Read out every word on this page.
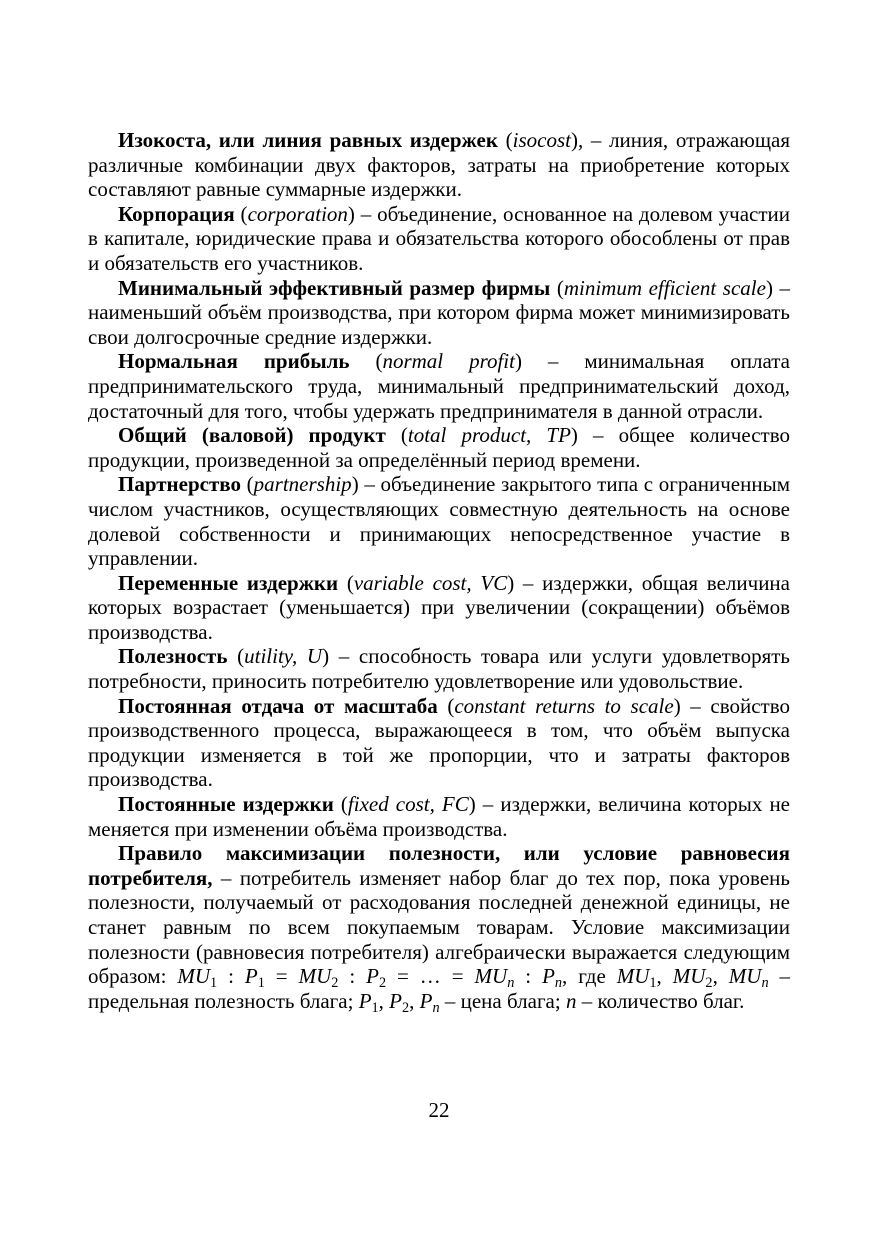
Изокоста, или линия равных издержек (isocost), – линия, отражающая различные комбинации двух факторов, затраты на приобретение которых составляют равные суммарные издержки.

Корпорация (corporation) – объединение, основанное на долевом участии в капитале, юридические права и обязательства которого обособлены от прав и обязательств его участников.

Минимальный эффективный размер фирмы (minimum efficient scale) – наименьший объём производства, при котором фирма может минимизировать свои долгосрочные средние издержки.

Нормальная прибыль (normal profit) – минимальная оплата предпринимательского труда, минимальный предпринимательский доход, достаточный для того, чтобы удержать предпринимателя в данной отрасли.

Общий (валовой) продукт (total product, TP) – общее количество продукции, произведенной за определённый период времени.

Партнерство (partnership) – объединение закрытого типа с ограниченным числом участников, осуществляющих совместную деятельность на основе долевой собственности и принимающих непосредственное участие в управлении.

Переменные издержки (variable cost, VC) – издержки, общая величина которых возрастает (уменьшается) при увеличении (сокращении) объёмов производства.

Полезность (utility, U) – способность товара или услуги удовлетворять потребности, приносить потребителю удовлетворение или удовольствие.

Постоянная отдача от масштаба (constant returns to scale) – свойство производственного процесса, выражающееся в том, что объём выпуска продукции изменяется в той же пропорции, что и затраты факторов производства.

Постоянные издержки (fixed cost, FC) – издержки, величина которых не меняется при изменении объёма производства.

Правило максимизации полезности, или условие равновесия потребителя, – потребитель изменяет набор благ до тех пор, пока уровень полезности, получаемый от расходования последней денежной единицы, не станет равным по всем покупаемым товарам. Условие максимизации полезности (равновесия потребителя) алгебраически выражается следующим образом: MU1 : P1 = MU2 : P2 = … = MUn : Pn, где MU1, MU2, MUn – предельная полезность блага; P1, P2, Pn – цена блага; n – количество благ.

22
